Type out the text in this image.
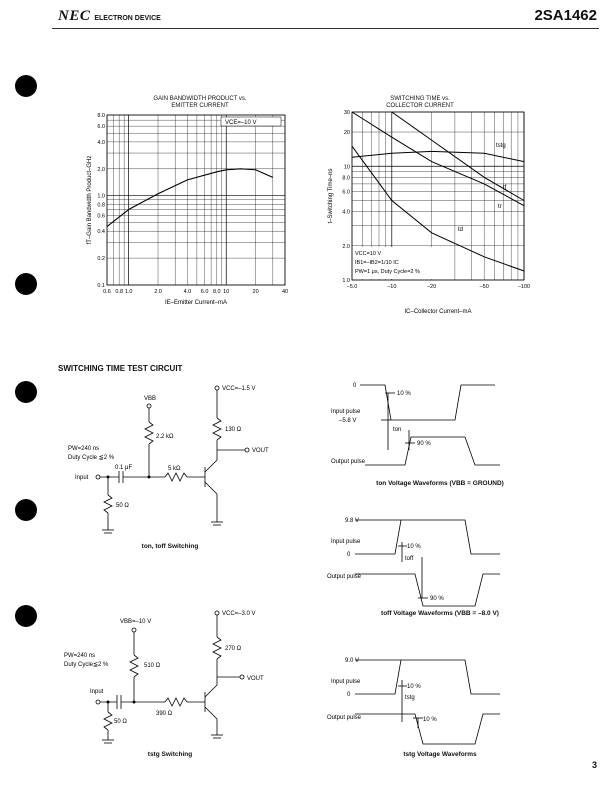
NEC ELECTRON DEVICE	2SA1462
GAIN BANDWIDTH PRODUCT vs.
EMITTER CURRENT
VCE=–10 V
8.0
6.0
4.0
2.0
1.0
0.8
0.6
0.4
0.2
0.1
0.6 0.8 1.0	2.0	4.0 6.0 8.0 10	20	40
fT–Gain Bandwidth Product–GHz
IE–Emitter Current–mA
SWITCHING TIME vs.
COLLECTOR CURRENT
VCC=10 V
IB1=–IB2=1/10 IC
PW=1 μs, Duty Cycle=2 %
tstg
tf
tr
td
30
20
10
8.0
6.0
4.0
2.0
1.0
–5.0	–10	–20	–50	–100
t–Switching Time–ns
IC–Collector Current–mA
SWITCHING TIME TEST CIRCUIT
VCC=–1.5 V
VBB
2.2 kΩ
130 Ω
VOUT
PW=240 ns
Duty Cycle ≦2 %
0.1 μF	5 kΩ
Input
50 Ω
ton, toff Switching
VCC=–3.0 V
VBB=–10 V
270 Ω
VOUT
PW=240 ns
Duty Cycle≦2 %	510 Ω
Input
390 Ω
50 Ω
tstg Switching
0
Input pulse
–5.8 V
10 %
ton
90 %
Output pulse
ton Voltage Waveforms (VBB = GROUND)
9.8 V
Input pulse
0
10 %
toff
Output pulse
90 %
toff Voltage Waveforms (VBB = –8.0 V)
9.0 V
Input pulse
0
10 %
tstg
Output pulse	10 %
tstg Voltage Waveforms
3
